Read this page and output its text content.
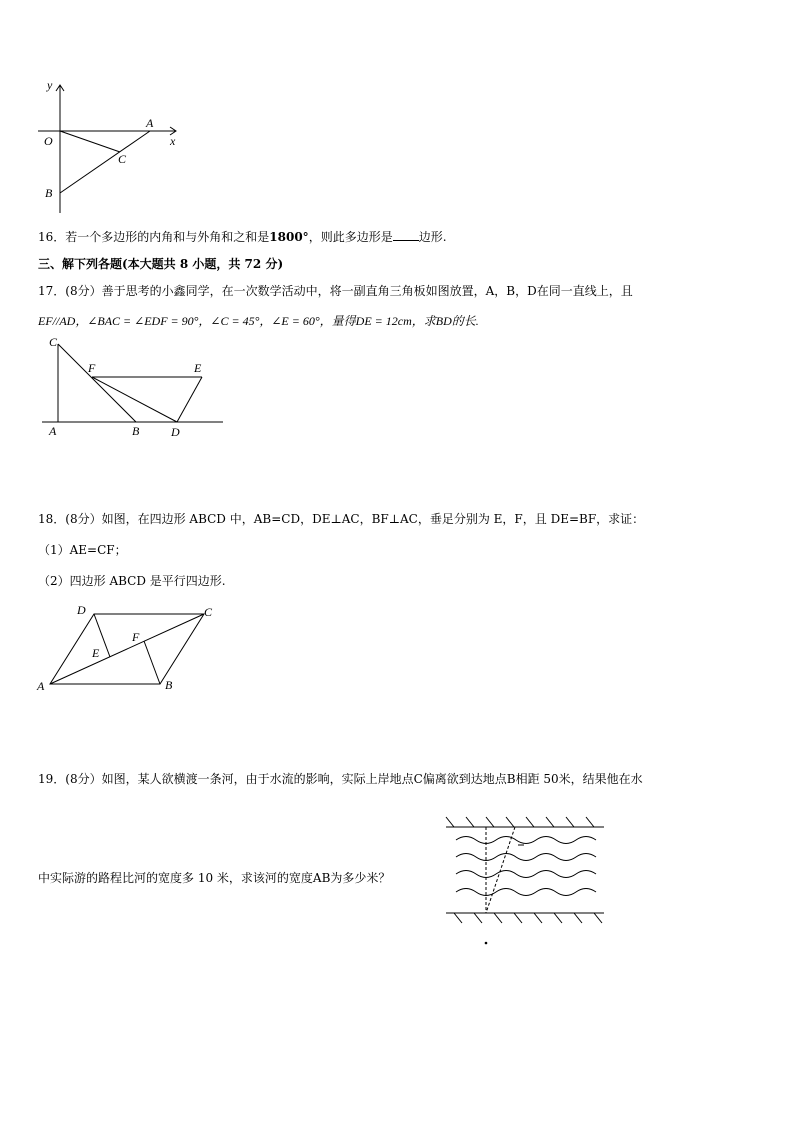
y
x
O
A
C
B
16．若一个多边形的内角和与外角和之和是1800°，则此多边形是 边形.
三、解下列各题(本大题共 8 小题，共 72 分)
17．(8分）善于思考的小鑫同学，在一次数学活动中，将一副直角三角板如图放置，A，B，D在同一直线上，且
EF//AD，∠BAC = ∠EDF = 90°，∠C = 45°，∠E = 60°，量得DE = 12cm，求BD的长.
C
F	E
A	B	D
18．(8分）如图，在四边形 ABCD 中，AB=CD，DE⊥AC，BF⊥AC，垂足分别为 E，F，且 DE=BF，求证：
（1）AE=CF；
（2）四边形 ABCD 是平行四边形.
D	C
F
E
A	B
19．(8分）如图，某人欲横渡一条河，由于水流的影响，实际上岸地点C偏离欲到达地点B相距 50米，结果他在水
中实际游的路程比河的宽度多 10 米，求该河的宽度AB为多少米？
